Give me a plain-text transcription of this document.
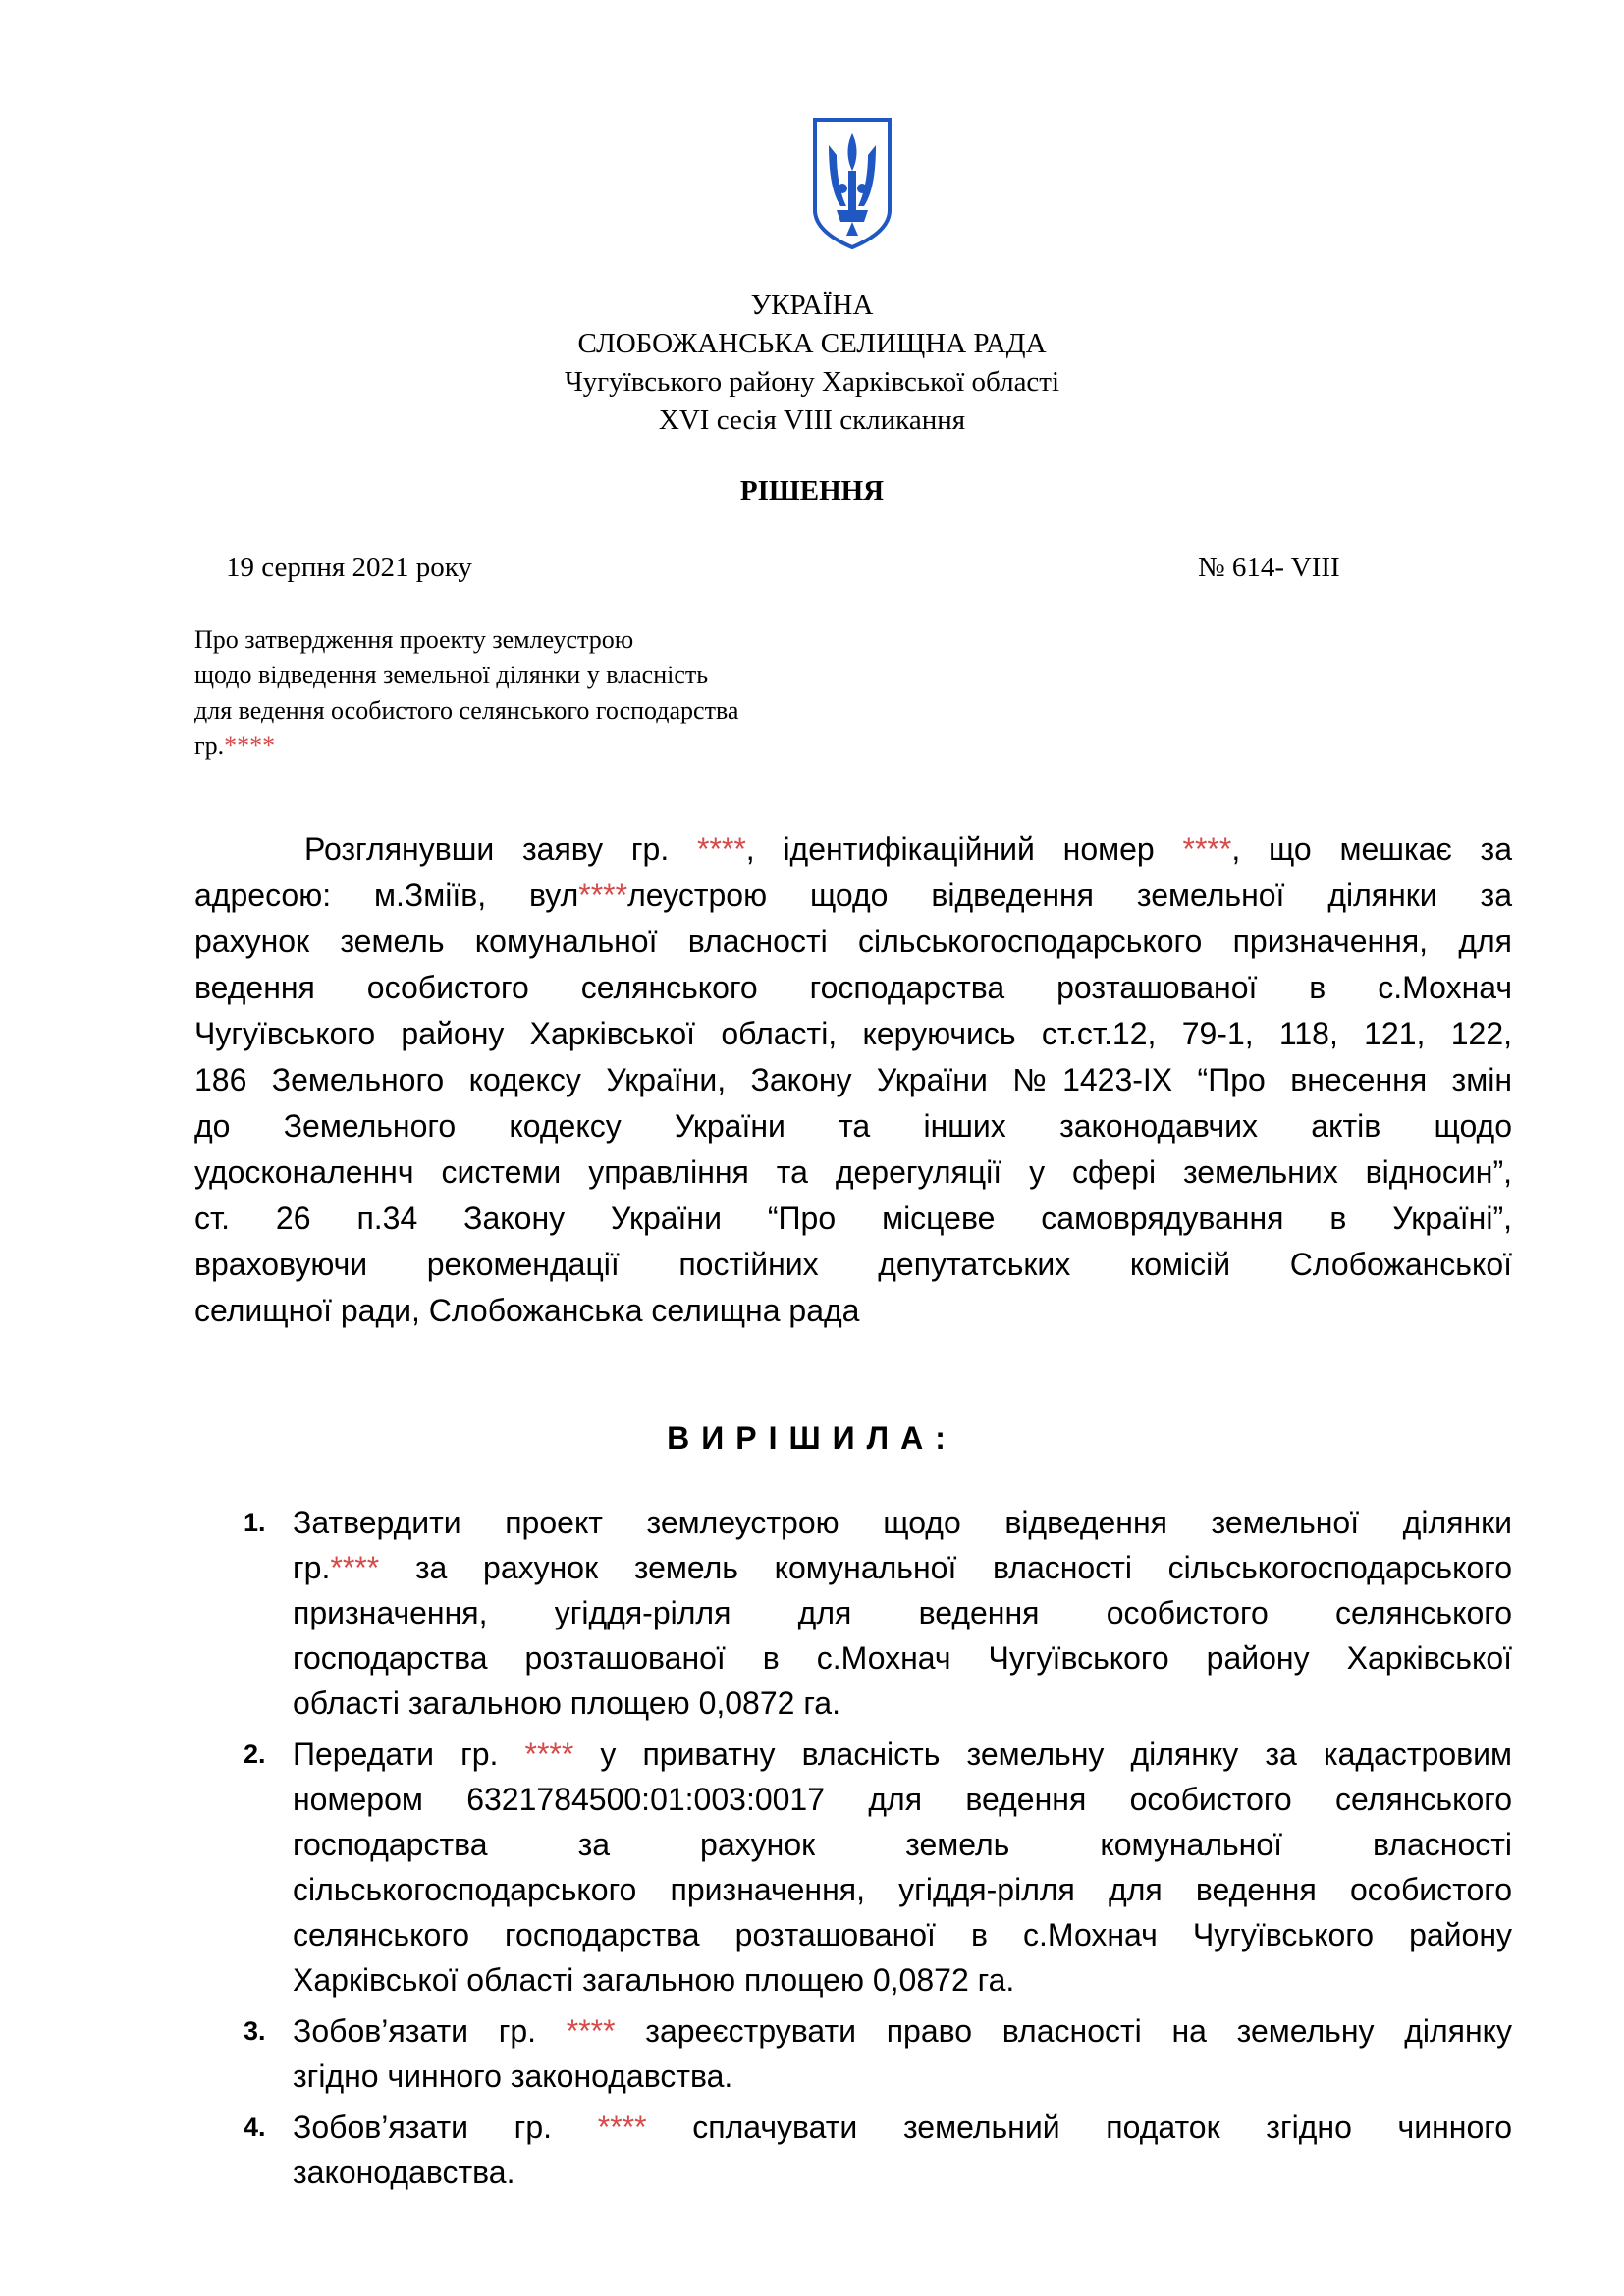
УКРАЇНА
СЛОБОЖАНСЬКА СЕЛИЩНА РАДА
Чугуївського району Харківської області
XVI сесія VIII скликання
РІШЕННЯ
19 серпня 2021 року	№ 614- VIII
Про затвердження проекту землеустрою
щодо відведення земельної ділянки у власність
для ведення особистого селянського господарства
гр.****
Розглянувши заяву гр. ****, ідентифікаційний номер ****, що мешкає за
адресою: м.Зміїв, вул****леустрою щодо відведення земельної ділянки за
рахунок земель комунальної власності сільськогосподарського призначення, для
ведення особистого селянського господарства розташованої в с.Мохнач
Чугуївського району Харківської області, керуючись ст.ст.12, 79-1, 118, 121, 122,
186 Земельного кодексу України, Закону України №1423-IX “Про внесення змін
до Земельного кодексу України та інших законодавчих актів щодо
удосконаленнч системи управління та дерегуляції у сфері земельних відносин”,
ст. 26 п.34 Закону України “Про місцеве самоврядування в Україні”,
враховуючи рекомендації постійних депутатських комісій Слобожанської
селищної ради, Слобожанська селищна рада
ВИРІШИЛА:
1. Затвердити проект землеустрою щодо відведення земельної ділянки
гр.**** за рахунок земель комунальної власності сільськогосподарського
призначення, угіддя-рілля для ведення особистого селянського
господарства розташованої в с.Мохнач Чугуївського району Харківської
області загальною площею 0,0872 га.
2. Передати гр. **** у приватну власність земельну ділянку за кадастровим
номером 6321784500:01:003:0017 для ведення особистого селянського
господарства за рахунок земель комунальної власності
сільськогосподарського призначення, угіддя-рілля для ведення особистого
селянського господарства розташованої в с.Мохнач Чугуївського району
Харківської області загальною площею 0,0872 га.
3. Зобов’язати гр. **** зареєструвати право власності на земельну ділянку
згідно чинного законодавства.
4. Зобов’язати гр. **** сплачувати земельний податок згідно чинного
законодавства.
